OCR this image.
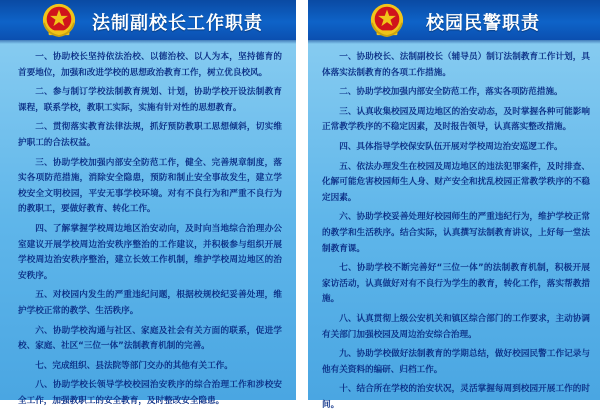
法制副校长工作职责

一、协助校长坚持依法治校、以德治校、以人为本，坚持德育的首要地位，加强和改进学校的思想政治教育工作，树立优良校风。

二、参与制订学校法制教育规划、计划，协助学校开设法制教育课程，联系学校，教职工实际，实施有针对性的思想教育。

二、贯彻落实教育法律法规，抓好预防教职工思想倾斜，切实维护职工的合法权益。

三、协助学校加强内部安全防范工作，健全、完善规章制度，落实各项防范措施，消除安全隐患，预防和制止安全事故发生，建立学校安全文明校园，平安无事学校环境。对有不良行为和严重不良行为的教职工，要做好教育、转化工作。

四、了解掌握学校周边地区治安动向，及时向当地综合治理办公室建议开展学校周边治安秩序整治的工作建议，并积极参与组织开展学校周边治安秩序整治，建立长效工作机制，维护学校周边地区的治安秩序。

五、对校园内发生的严重违纪问题，根据校规校纪妥善处理，维护学校正常的教学、生活秩序。

六、协助学校沟通与社区、家庭及社会有关方面的联系，促进学校、家庭、社区“三位一体”法制教育机制的完善。

七、完成组织、县法院等部门交办的其他有关工作。

八、协助学校长领导学校校园治安秩序的综合治理工作和涉校安全工作，加强教职工的安全教育，及时整改安全隐患。

校园民警职责

一、协助校长、法制副校长（辅导员）制订法制教育工作计划，具体落实法制教育的各项工作措施。

二、协助学校加强内部安全防范工作，落实各项防范措施。

三、认真收集校园及周边地区的治安动态，及时掌握各种可能影响正常教学秩序的不稳定因素，及时报告领导，认真落实整改措施。

四、具体指导学校保安队伍开展对学校周边治安巡逻工作。

五、依法办理发生在校园及周边地区的违法犯罪案件，及时排查、化解可能危害校园师生人身、财产安全和扰乱校园正常教学秩序的不稳定因素。

六、协助学校妥善处理好校园师生的严重违纪行为，维护学校正常的教学和生活秩序。结合实际，认真撰写法制教育讲议，上好每一堂法制教育课。

七、协助学校不断完善好“三位一体”的法制教育机制，积极开展家访活动，认真做好对有不良行为学生的教育，转化工作，落实帮教措施。

八、认真贯彻上级公安机关和镇区综合部门的工作要求，主动协调有关部门加强校园及周边治安综合治理。

九、协助学校做好法制教育的学期总结，做好校园民警工作记录与他有关资料的编研、归档工作。

十、结合所在学校的治安状况，灵活掌握每周到校园开展工作的时间。
